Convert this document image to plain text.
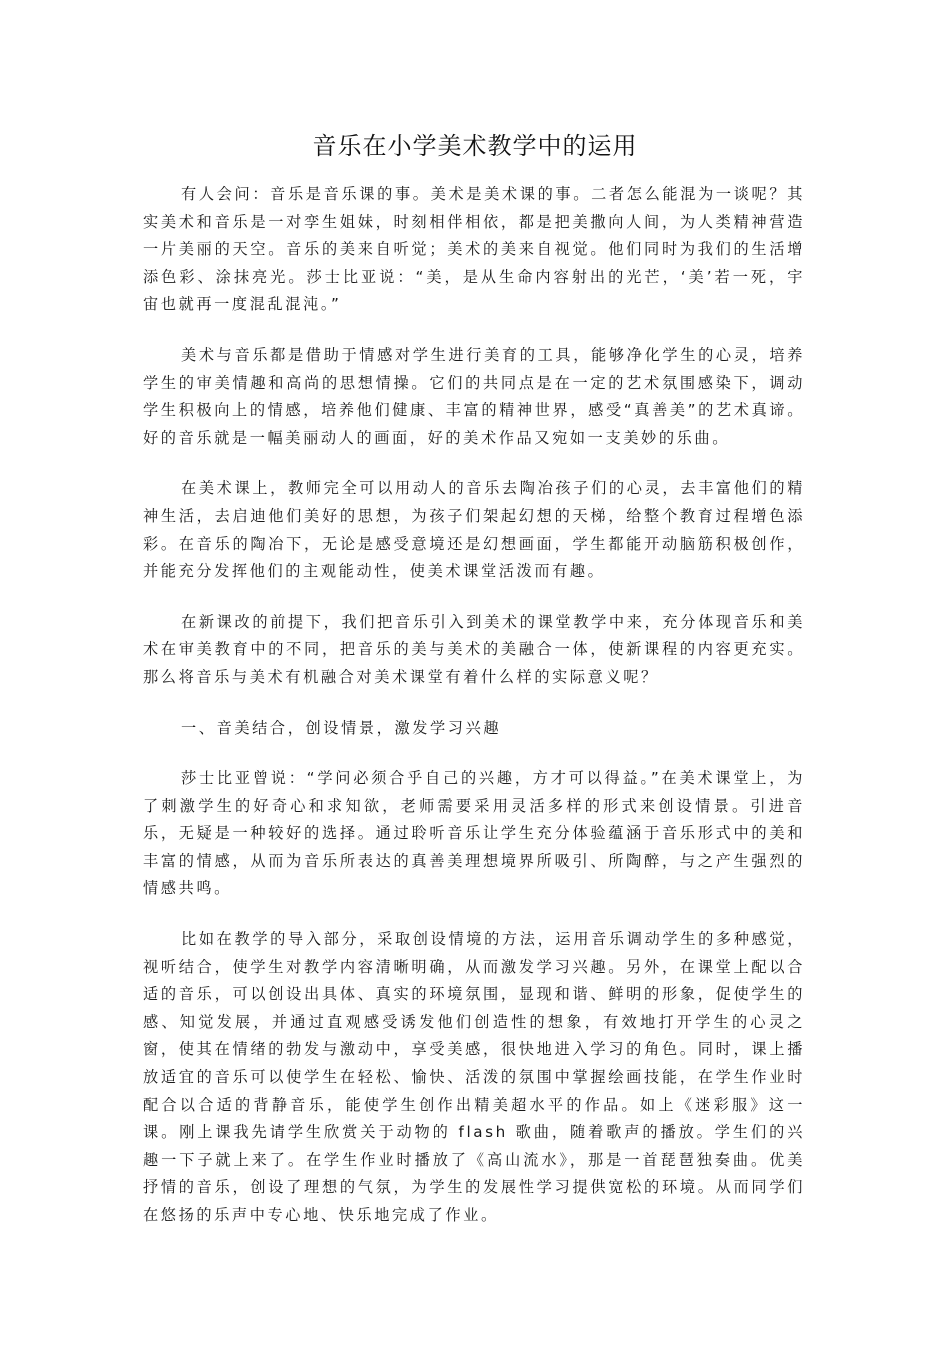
音乐在小学美术教学中的运用

有人会问：音乐是音乐课的事。美术是美术课的事。二者怎么能混为一谈呢？其实美术和音乐是一对孪生姐妹，时刻相伴相依，都是把美撒向人间，为人类精神营造一片美丽的天空。音乐的美来自听觉；美术的美来自视觉。他们同时为我们的生活增添色彩、涂抹亮光。莎士比亚说：“美，是从生命内容射出的光芒，‘美’若一死，宇宙也就再一度混乱混沌。”

美术与音乐都是借助于情感对学生进行美育的工具，能够净化学生的心灵，培养学生的审美情趣和高尚的思想情操。它们的共同点是在一定的艺术氛围感染下，调动学生积极向上的情感，培养他们健康、丰富的精神世界，感受“真善美”的艺术真谛。好的音乐就是一幅美丽动人的画面，好的美术作品又宛如一支美妙的乐曲。

在美术课上，教师完全可以用动人的音乐去陶冶孩子们的心灵，去丰富他们的精神生活，去启迪他们美好的思想，为孩子们架起幻想的天梯，给整个教育过程增色添彩。在音乐的陶冶下，无论是感受意境还是幻想画面，学生都能开动脑筋积极创作，并能充分发挥他们的主观能动性，使美术课堂活泼而有趣。

在新课改的前提下，我们把音乐引入到美术的课堂教学中来，充分体现音乐和美术在审美教育中的不同，把音乐的美与美术的美融合一体，使新课程的内容更充实。那么将音乐与美术有机融合对美术课堂有着什么样的实际意义呢？

一、音美结合，创设情景，激发学习兴趣

莎士比亚曾说：“学问必须合乎自己的兴趣，方才可以得益。”在美术课堂上，为了刺激学生的好奇心和求知欲，老师需要采用灵活多样的形式来创设情景。引进音乐，无疑是一种较好的选择。通过聆听音乐让学生充分体验蕴涵于音乐形式中的美和丰富的情感，从而为音乐所表达的真善美理想境界所吸引、所陶醉，与之产生强烈的情感共鸣。

比如在教学的导入部分，采取创设情境的方法，运用音乐调动学生的多种感觉，视听结合，使学生对教学内容清晰明确，从而激发学习兴趣。另外，在课堂上配以合适的音乐，可以创设出具体、真实的环境氛围，显现和谐、鲜明的形象，促使学生的感、知觉发展，并通过直观感受诱发他们创造性的想象，有效地打开学生的心灵之窗，使其在情绪的勃发与激动中，享受美感，很快地进入学习的角色。同时，课上播放适宜的音乐可以使学生在轻松、愉快、活泼的氛围中掌握绘画技能，在学生作业时配合以合适的背静音乐，能使学生创作出精美超水平的作品。如上《迷彩服》这一课。刚上课我先请学生欣赏关于动物的 flash 歌曲，随着歌声的播放。学生们的兴趣一下子就上来了。在学生作业时播放了《高山流水》，那是一首琵琶独奏曲。优美抒情的音乐，创设了理想的气氛，为学生的发展性学习提供宽松的环境。从而同学们在悠扬的乐声中专心地、快乐地完成了作业。
